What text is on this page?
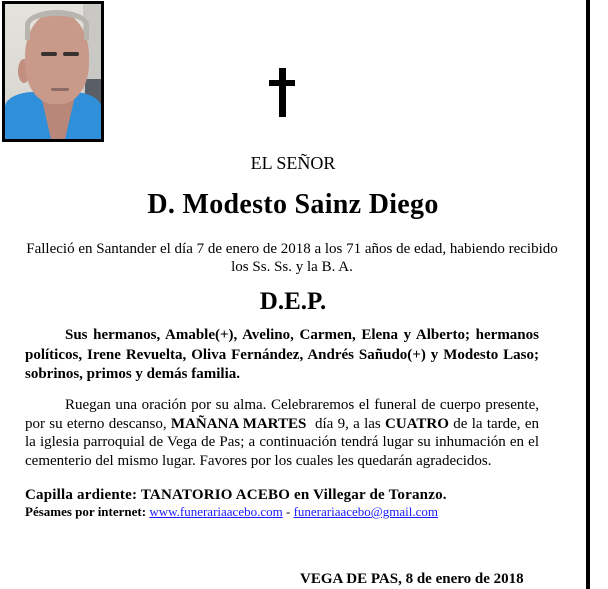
EL SEÑOR
D. Modesto Sainz Diego
Falleció en Santander el día 7 de enero de 2018 a los 71 años de edad, habiendo recibido los Ss. Ss. y la B. A.
D.E.P.
Sus hermanos, Amable(+), Avelino, Carmen, Elena y Alberto; hermanos políticos, Irene Revuelta, Oliva Fernández, Andrés Sañudo(+) y Modesto Laso; sobrinos, primos y demás familia.
Ruegan una oración por su alma. Celebraremos el funeral de cuerpo presente, por su eterno descanso, MAÑANA MARTES  día 9, a las CUATRO de la tarde, en la iglesia parroquial de Vega de Pas; a continuación tendrá lugar su inhumación en el cementerio del mismo lugar. Favores por los cuales les quedarán agradecidos.
Capilla ardiente: TANATORIO ACEBO en Villegar de Toranzo.
Pésames por internet: www.funerariaacebo.com - funerariaacebo@gmail.com
VEGA DE PAS, 8 de enero de 2018
